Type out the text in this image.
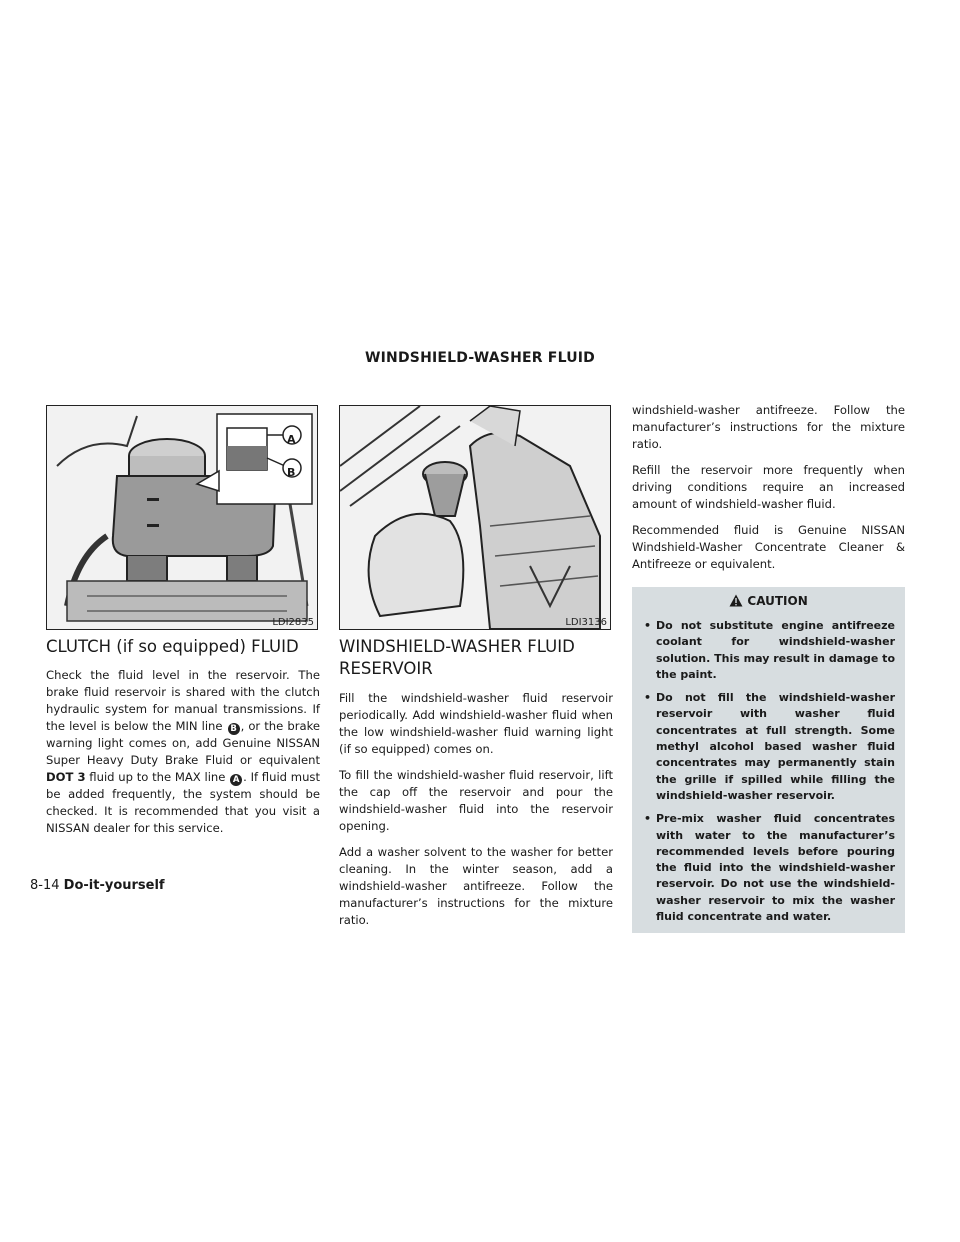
WINDSHIELD-WASHER FLUID
A
B
LDI2835	LDI3136
CLUTCH (if so equipped) FLUID

Check the fluid level in the reservoir. The brake fluid reservoir is shared with the clutch hydraulic system for manual transmissions. If the level is below the MIN line B , or the brake warning light comes on, add Genuine NISSAN Super Heavy Duty Brake Fluid or equivalent DOT 3 fluid up to the MAX line A . If fluid must be added frequently, the system should be checked. It is recommended that you visit a NISSAN dealer for this service.

WINDSHIELD-WASHER FLUID
RESERVOIR

Fill the windshield-washer fluid reservoir periodically. Add windshield-washer fluid when the low windshield-washer fluid warning light (if so equipped) comes on.

To fill the windshield-washer fluid reservoir, lift the cap off the reservoir and pour the windshield-washer fluid into the reservoir opening.

Add a washer solvent to the washer for better cleaning. In the winter season, add a windshield-washer antifreeze. Follow the manufacturer’s instructions for the mixture ratio.

windshield-washer antifreeze. Follow the manufacturer’s instructions for the mixture ratio.

Refill the reservoir more frequently when driving conditions require an increased amount of windshield-washer fluid.

Recommended fluid is Genuine NISSAN Windshield-Washer Concentrate Cleaner & Antifreeze or equivalent.

CAUTION
• Do not substitute engine antifreeze coolant for windshield-washer solution. This may result in damage to the paint.
• Do not fill the windshield-washer reservoir with washer fluid concentrates at full strength. Some methyl alcohol based washer fluid concentrates may permanently stain the grille if spilled while filling the windshield-washer reservoir.
• Pre-mix washer fluid concentrates with water to the manufacturer’s recommended levels before pouring the fluid into the windshield-washer reservoir. Do not use the windshield-washer reservoir to mix the washer fluid concentrate and water.
8-14 Do-it-yourself
